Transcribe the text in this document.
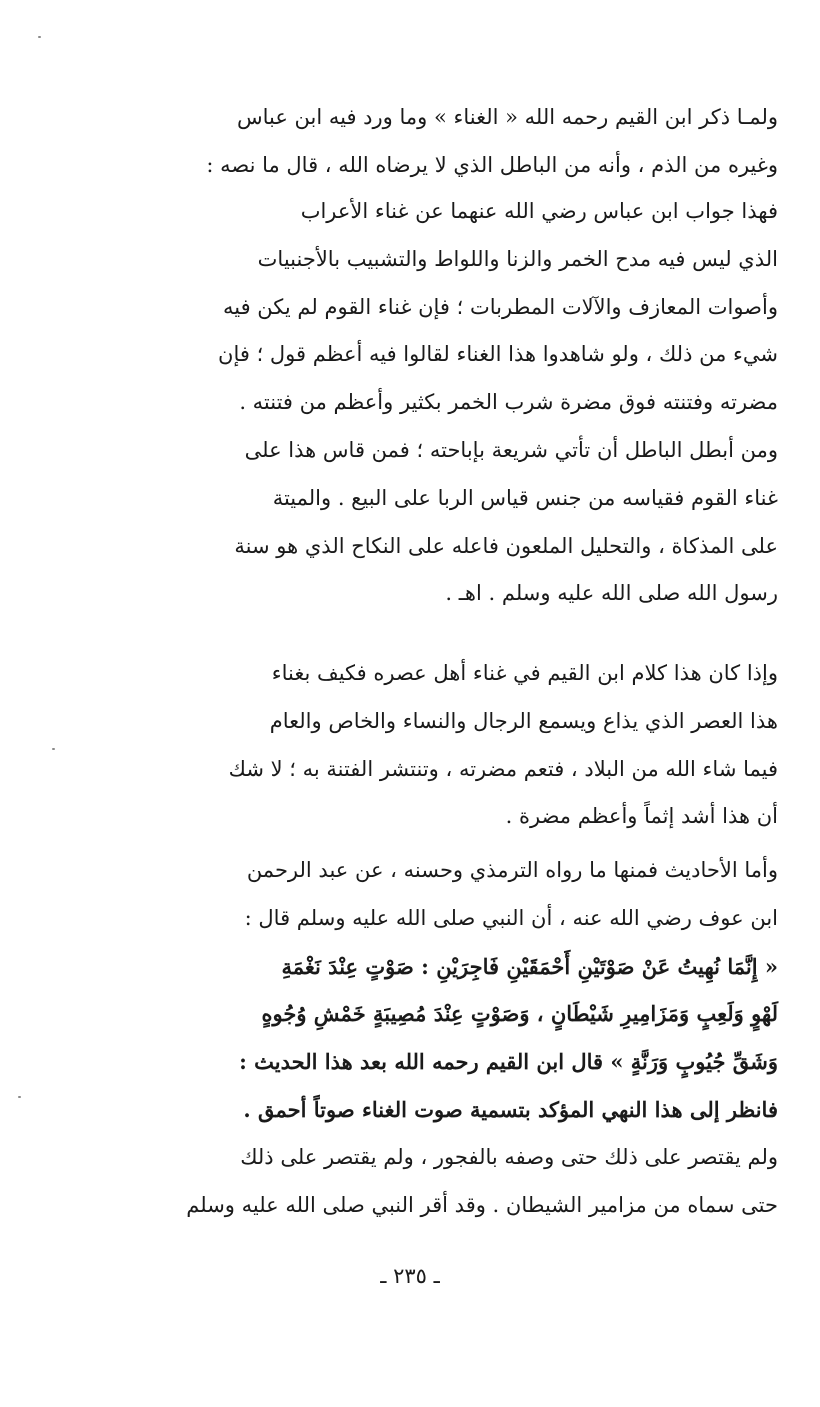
ولمـا ذكر ابن القيم رحمه الله « الغناء » وما ورد فيه ابن عباس
وغيره من الذم ، وأنه من الباطل الذي لا يرضاه الله ، قال ما نصه :
فهذا جواب ابن عباس رضي الله عنهما عن غناء الأعراب
الذي ليس فيه مدح الخمر والزنا واللواط والتشبيب بالأجنبيات
وأصوات المعازف والآلات المطربات ؛ فإن غناء القوم لم يكن فيه
شيء من ذلك ، ولو شاهدوا هذا الغناء لقالوا فيه أعظم قول ؛ فإن
مضرته وفتنته فوق مضرة شرب الخمر بكثير وأعظم من فتنته .
ومن أبطل الباطل أن تأتي شريعة بإباحته ؛ فمن قاس هذا على
غناء القوم فقياسه من جنس قياس الربا على البيع . والميتة
على المذكاة ، والتحليل الملعون فاعله على النكاح الذي هو سنة
رسول الله صلى الله عليه وسلم . اهـ .
وإذا كان هذا كلام ابن القيم في غناء أهل عصره فكيف بغناء
هذا العصر الذي يذاع ويسمع الرجال والنساء والخاص والعام
فيما شاء الله من البلاد ، فتعم مضرته ، وتنتشر الفتنة به ؛ لا شك
أن هذا أشد إثماً وأعظم مضرة .
وأما الأحاديث فمنها ما رواه الترمذي وحسنه ، عن عبد الرحمن
ابن عوف رضي الله عنه ، أن النبي صلى الله عليه وسلم قال :
« إِنَّمَا نُهِيتُ عَنْ صَوْتَيْنِ أَحْمَقَيْنِ فَاجِرَيْنِ : صَوْتٍ عِنْدَ نَغْمَةِ
لَهْوٍ وَلَعِبٍ وَمَزَامِيرِ شَيْطَانٍ ، وَصَوْتٍ عِنْدَ مُصِيبَةٍ خَمْشِ وُجُوهٍ
وَشَقِّ جُيُوبٍ وَرَنَّةٍ » قال ابن القيم رحمه الله بعد هذا الحديث :
فانظر إلى هذا النهي المؤكد بتسمية صوت الغناء صوتاً أحمق .
ولم يقتصر على ذلك حتى وصفه بالفجور ، ولم يقتصر على ذلك
حتى سماه من مزامير الشيطان . وقد أقر النبي صلى الله عليه وسلم
ـ ٢٣٥ ـ
